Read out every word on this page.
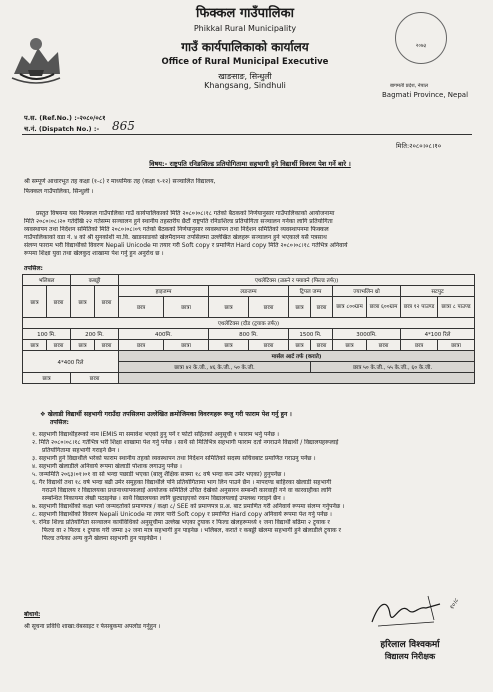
फिक्कल गाउँपालिका
Phikkal Rural Municipality
गाउँ कार्यपालिकाको कार्यालय
Office of Rural Municipal Executive
खाङसाङ, सिन्धुली
Khangsang, Sindhuli
२०७३
बागमती प्रदेश, नेपाल
Bagmati Province, Nepal
प.स. (Ref.No.) :-२०८०/०८१
च.नं. (Dispatch No.) :- 865
मिति:२०८०।०८।१०
विषय:- राष्ट्रपति रनिङशिल्ड प्रतियोगितामा सहभागी हुने विद्यार्थी विवरण पेश गर्ने बारे ।
श्री सम्पूर्ण आधारभूत तह कक्षा (१-८) र माध्यमिक तह (कक्षा ९-१२) सञ्चालित विद्यालय,
फिक्कल गाउँपालिका, सिन्धुली ।
प्रस्तुत विषयमा यस फिक्कल गाउँपालिका गाउँ कार्यपालिकाको मिति २०८०।०८।१८ गतेको बैठकको निर्णयानुसार गाउँपालिकाको आयोजनामा
मिति २०८०।०८।२० गतेदेखि २२ गतेसम्म सञ्चालन हुने स्थानीय तहस्तरीय छैटौं राष्ट्रपति रनिङशिल्ड प्रतियोगिता सञ्चालन गर्नका लागि प्रतियोगिता
व्यवस्थापन तथा निर्देशन समितिको मिति २०८०।०८।०९ गतेको बैठकको निर्णयानुसार व्यवस्थापन तथा निर्देशन समितिको व्यवस्थापनमा फिक्कल
गाउँपालिकाको वडा नं. ४ को श्री सुनकोशी मा.वि. खाङसाङको खेलमैदानमा तपसिलमा उल्लेखित खेलहरू सञ्चालन हुने भएकाले यसै पत्रसाथ
संलग्न फाराम भरी विद्यार्थीको विवरण Nepali Unicode मा तयार गरी Soft copy र प्रमाणित Hard copy मिति २०८०।०८।१८ गतेभित्र अनिवार्य
रूपमा शिक्षा युवा तथा खेलकुद शाखामा पेश गर्नु हुन अनुरोध छ ।
तपसिल:
भलिबल		कबड्डी		एथलेटिक्स (उफ्रने र फ्याक्ने (फिल्ड तर्फ))									
छात्र	छात्रा	छात्र	छात्रा	हाइजम्प		लङजम्प		ट्रिपल जम्प		ज्याभलिन थ्रो		सटपुट	
				छात्र	छात्रा	छात्र	छात्रा	छात्र	छात्रा	छात्र ८००ग्राम	छात्रा ६००ग्राम	छात्र १२ पाउण्ड	छात्रा ८ पाउण्ड
एथलेटिक्स (दौड (ट्रयाक तर्फ))													
100 मि.		200 मि.		400मि.		800 मि.		1500 मि.		3000मि.		4*100 रिले	
छात्र	छात्रा	छात्र	छात्रा	छात्र	छात्रा	छात्र	छात्रा	छात्र	छात्रा	छात्र	छात्रा	छात्र	छात्रा
4*400 रिले				मार्सल आर्ट तर्फ (कराते)									
				छात्रा ४२ के.जी., ४६ के.जी., ५० के.जी.					छात्र ५० के.जी., ५५ के.जी., ६० के.जी.				
छात्र		छात्रा											
❖ खेलाडी विद्यार्थी सहभागी गराउँदा तपसिलमा उल्लेखित क्रमोजिमका विवरणहरू रूजु गरी फाराम पेश गर्नु हुन ।
तपसिल:
१. सहभागी विद्यार्थीहरूको नाम IEMIS मा समावेश भएको हुनु पर्ने र फोटो सहितको अनुसूची १ फाराम भर्नु पर्नेछ ।
२. मिति २०८०।०८।१८ गतेभित्र भरी शिक्षा शाखामा पेश गर्नु पर्नेछ । साथै सो मितिभित्र सहभागी फाराम दर्ता नगराउने विद्यार्थी / विद्यालयहरूलाई
प्रतियोगितामा सहभागी गराइने छैन ।
३. सहभागी हुने विद्यार्थीले भरेको फाराम स्थानीय तहको व्यवस्थापन तथा निर्देशन समितिको सदस्य सचिवबाट प्रमाणित गराउनु पर्नेछ ।
४. सहभागी खेलाडीले अनिवार्य रूपमा खेलाडी पोशाक लगाउनु पर्नेछ ।
५. जन्ममिति २०६३।०१।०१ वा सो भन्दा पछाडी भएका (बालु शैक्षिक सत्रमा १८ वर्ष भन्दा कम उमेर भएका) हुनुपर्नेछ ।
६. गैर विद्यार्थी तथा १८ वर्ष भन्दा बढी उमेर समूहका विद्यार्थीले पनि प्रतियोगितामा भाग लिन पाउने छैन । मापदण्ड बाहिरका खेलाडी सहभागी
गराउने विद्यालय र विद्यालयका प्रधानाध्यापकलाई आयोजक समितिले उचित देखेको अनुसारन सम्बन्धी कारवाही गर्न वा कारवाहीका लागि
सम्बन्धित निकायमा लेखी पठाइनेछ । साथै विद्यालयका लागि छुट्याइएको रकम विद्यालयलाई उपलब्ध गराइने छैन ।
७. सहभागी विद्यार्थीको कक्षा भर्ना जन्मदर्ताको प्रमाणपत्र / कक्षा ८/ SEE को प्रमाणपत्र प्र.अ. बाट प्रमाणित गरी अनिवार्य रूपमा संलग्न गर्नुपर्नेछ ।
८. सहभागी विद्यार्थीको विवरण Nepali Unicode मा तयार पारी Soft copy र प्रमाणित Hard copy अनिवार्य रूपमा पेश गर्नु पर्नेछ ।
९. रनिङ शिल्ड प्रतियोगिता सञ्चालन कार्यविधिको अनुसूचीमा उल्लेख भएका ट्र्याक र फिल्ड खेलहरूमध्ये १ जना विद्यार्थी बढिमा २ ट्र्याक र
फिल्ड वा २ फिल्ड १ ट्र्याक गरी जम्मा ३२ जना मात्र सहभागी हुन पाइनेछ । भलिबल, कराते र कबड्डी खेलमा सहभागी हुने खेलाडीले ट्र्याक र
फिल्ड तर्फका अन्य कुनै खेलमा सहभागी हुन पाइनेछैन ।
बोधार्थ:
श्री सूचना प्रविधि शाखा:वेबसाइट र फेसबुकमा अपलोड गर्नुहुन ।
१०।८
हरिलाल विश्वकर्मा
विद्यालय निरीक्षक
